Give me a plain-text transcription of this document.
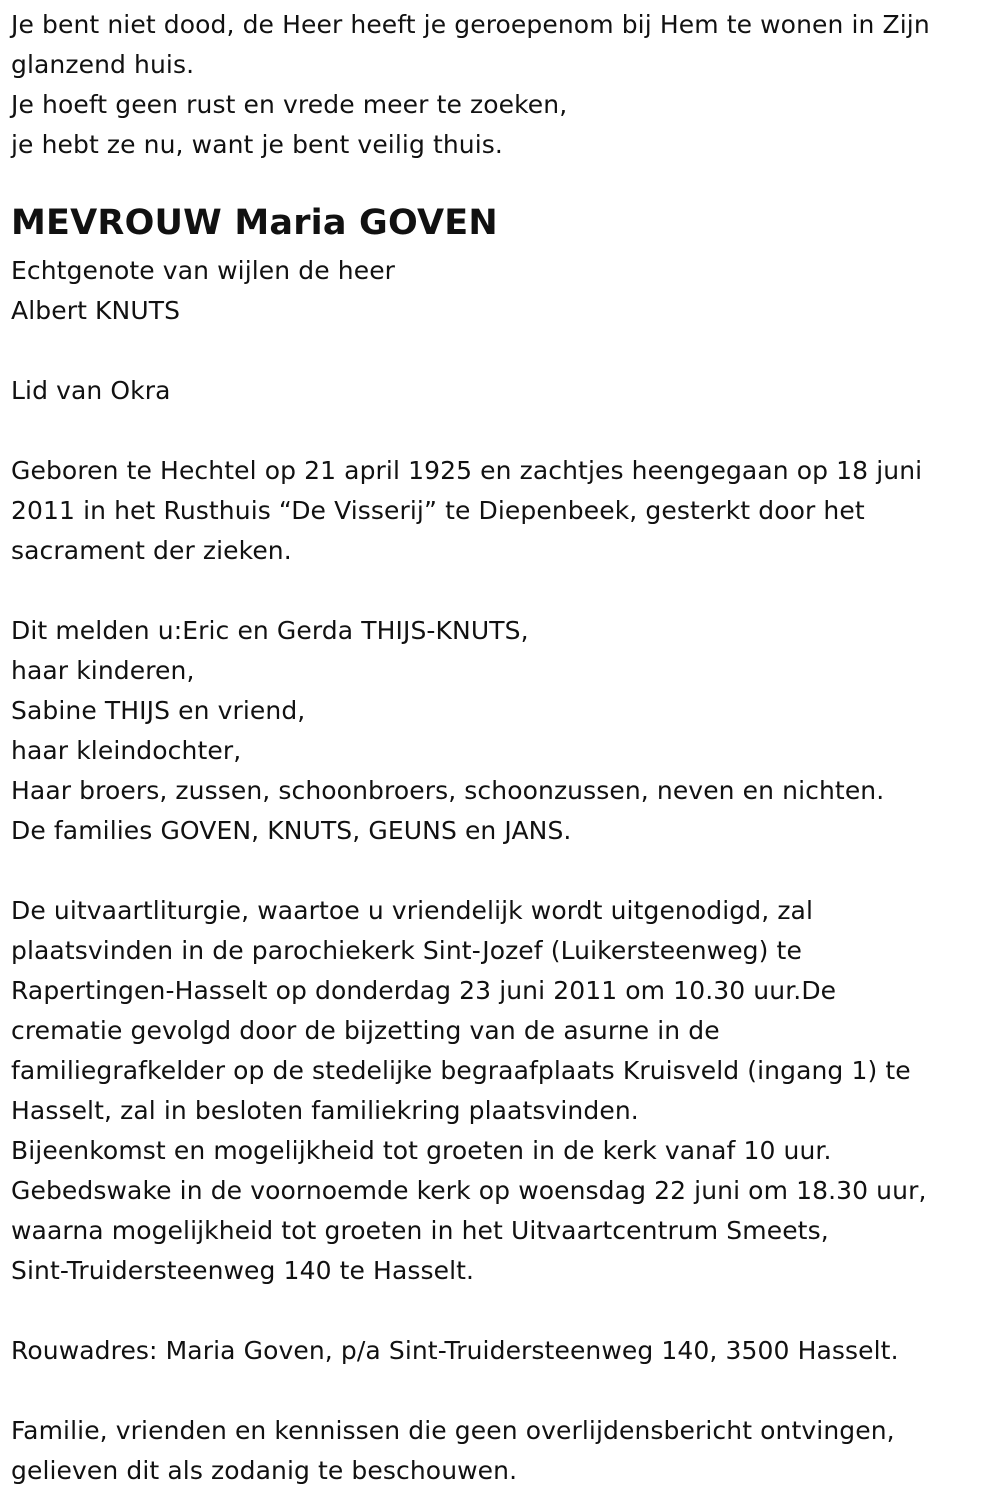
Je bent niet dood, de Heer heeft je geroepenom bij Hem te wonen in Zijn
glanzend huis.
Je hoeft geen rust en vrede meer te zoeken,
je hebt ze nu, want je bent veilig thuis.
MEVROUW Maria GOVEN
Echtgenote van wijlen de heer
Albert KNUTS
Lid van Okra
Geboren te Hechtel op 21 april 1925 en zachtjes heengegaan op 18 juni
2011 in het Rusthuis “De Visserij” te Diepenbeek, gesterkt door het
sacrament der zieken.
Dit melden u:Eric en Gerda THIJS-KNUTS,
haar kinderen,
Sabine THIJS en vriend,
haar kleindochter,
Haar broers, zussen, schoonbroers, schoonzussen, neven en nichten.
De families GOVEN, KNUTS, GEUNS en JANS.
De uitvaartliturgie, waartoe u vriendelijk wordt uitgenodigd, zal
plaatsvinden in de parochiekerk Sint-Jozef (Luikersteenweg) te
Rapertingen-Hasselt op donderdag 23 juni 2011 om 10.30 uur.De
crematie gevolgd door de bijzetting van de asurne in de
familiegrafkelder op de stedelijke begraafplaats Kruisveld (ingang 1) te
Hasselt, zal in besloten familiekring plaatsvinden.
Bijeenkomst en mogelijkheid tot groeten in de kerk vanaf 10 uur.
Gebedswake in de voornoemde kerk op woensdag 22 juni om 18.30 uur,
waarna mogelijkheid tot groeten in het Uitvaartcentrum Smeets,
Sint-Truidersteenweg 140 te Hasselt.
Rouwadres: Maria Goven, p/a Sint-Truidersteenweg 140, 3500 Hasselt.
Familie, vrienden en kennissen die geen overlijdensbericht ontvingen,
gelieven dit als zodanig te beschouwen.
